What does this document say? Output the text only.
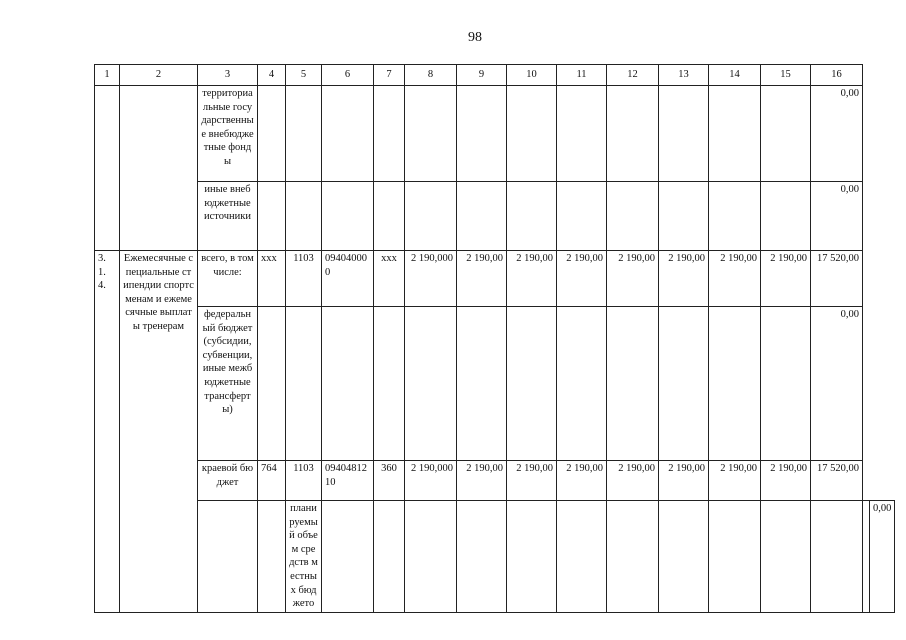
98
1	2	3	4	5	6	7	8	9	10	11	12	13	14	15	16		
		территориальные государственные внебюджетные фонды													0,00		
		иные внебюджетные источники													0,00		
3. 1. 4.	Ежемесячные специальные стипендии спортсменам и ежемесячные выплаты тренерам	всего, в том числе:	ххх	1103	094040000	ххх	2 190,000	2 190,00	2 190,00	2 190,00	2 190,00	2 190,00	2 190,00	2 190,00	17 520,00		
		федеральный бюджет (субсидии, субвенции, иные межбюджетные трансферты)													0,00		
		краевой бюджет	764	1103	0940481210	360	2 190,000	2 190,00	2 190,00	2 190,00	2 190,00	2 190,00	2 190,00	2 190,00	17 520,00		
				планируемый объем средств местных бюджето													0,00
